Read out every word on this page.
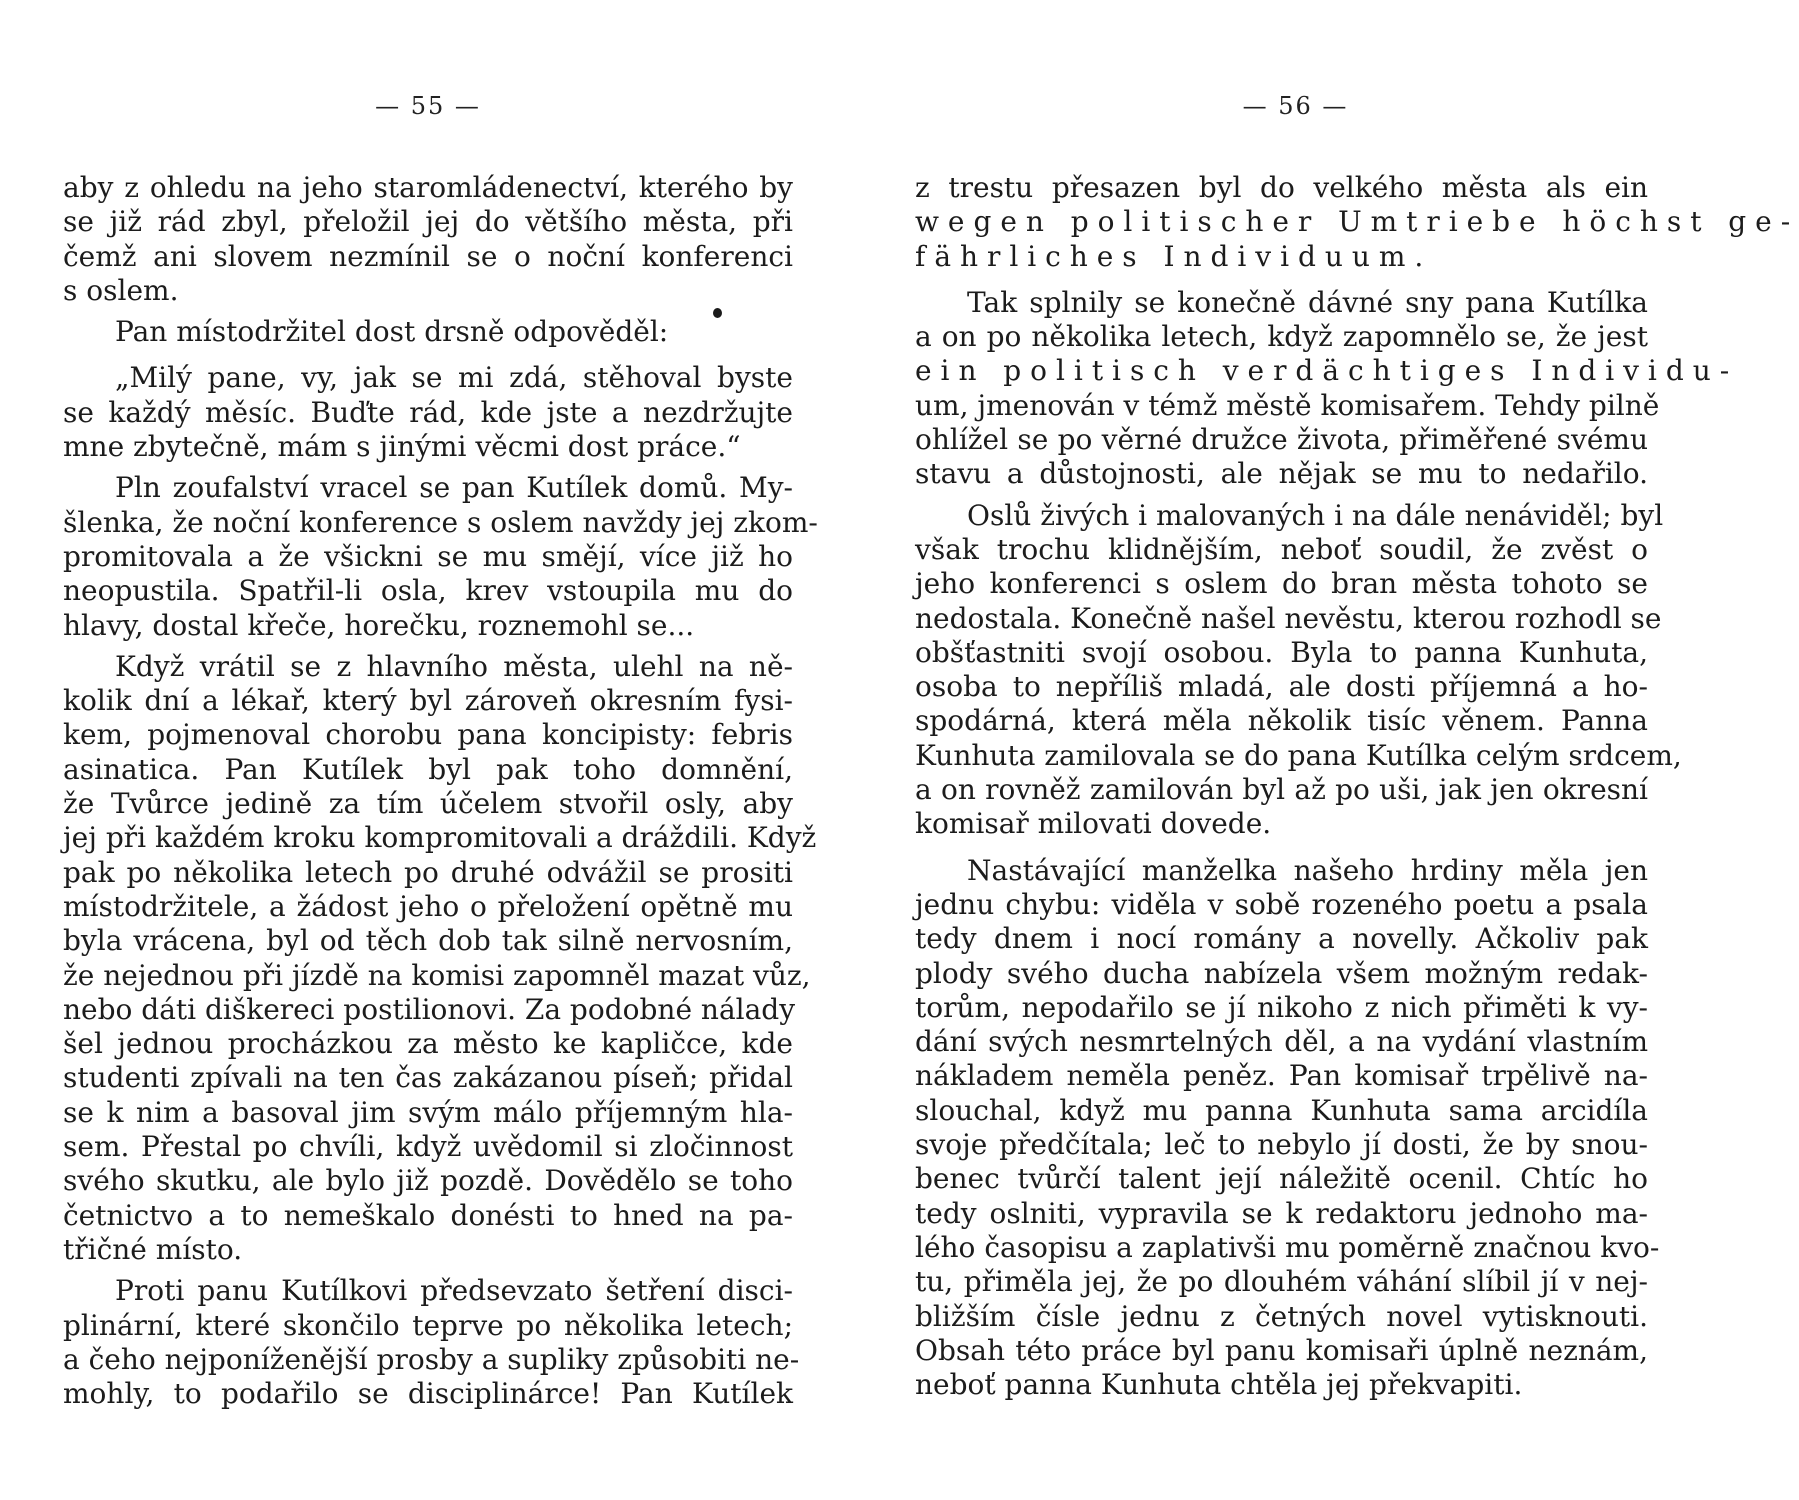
— 55 —
aby z ohledu na jeho staromládenectví, kterého by
se již rád zbyl, přeložil jej do většího města, při
čemž ani slovem nezmínil se o noční konferenci
s oslem.
Pan místodržitel dost drsně odpověděl:
„Milý pane, vy, jak se mi zdá, stěhoval byste
se každý měsíc. Buďte rád, kde jste a nezdržujte
mne zbytečně, mám s jinými věcmi dost práce.“
Pln zoufalství vracel se pan Kutílek domů. My-
šlenka, že noční konference s oslem navždy jej zkom-
promitovala a že všickni se mu smějí, více již ho
neopustila. Spatřil-li osla, krev vstoupila mu do
hlavy, dostal křeče, horečku, roznemohl se...
Když vrátil se z hlavního města, ulehl na ně-
kolik dní a lékař, který byl zároveň okresním fysi-
kem, pojmenoval chorobu pana koncipisty: febris
asinatica. Pan Kutílek byl pak toho domnění,
že Tvůrce jedině za tím účelem stvořil osly, aby
jej při každém kroku kompromitovali a dráždili. Když
pak po několika letech po druhé odvážil se prositi
místodržitele, a žádost jeho o přeložení opětně mu
byla vrácena, byl od těch dob tak silně nervosním,
že nejednou při jízdě na komisi zapomněl mazat vůz,
nebo dáti diškereci postilionovi. Za podobné nálady
šel jednou procházkou za město ke kapličce, kde
studenti zpívali na ten čas zakázanou píseň; přidal
se k nim a basoval jim svým málo příjemným hla-
sem. Přestal po chvíli, když uvědomil si zločinnost
svého skutku, ale bylo již pozdě. Dovědělo se toho
četnictvo a to nemeškalo donésti to hned na pa-
třičné místo.
Proti panu Kutílkovi předsevzato šetření disci-
plinární, které skončilo teprve po několika letech;
a čeho nejponíženější prosby a supliky způsobiti ne-
mohly, to podařilo se disciplinárce! Pan Kutílek
— 56 —
z trestu přesazen byl do velkého města als ein
wegen politischer Umtriebe höchst ge-
fährliches Individuum.
Tak splnily se konečně dávné sny pana Kutílka
a on po několika letech, když zapomnělo se, že jest
ein politisch verdächtiges Individu-
um, jmenován v témž městě komisařem. Tehdy pilně
ohlížel se po věrné družce života, přiměřené svému
stavu a důstojnosti, ale nějak se mu to nedařilo.
Oslů živých i malovaných i na dále nenáviděl; byl
však trochu klidnějším, neboť soudil, že zvěst o
jeho konferenci s oslem do bran města tohoto se
nedostala. Konečně našel nevěstu, kterou rozhodl se
obšťastniti svojí osobou. Byla to panna Kunhuta,
osoba to nepříliš mladá, ale dosti příjemná a ho-
spodárná, která měla několik tisíc věnem. Panna
Kunhuta zamilovala se do pana Kutílka celým srdcem,
a on rovněž zamilován byl až po uši, jak jen okresní
komisař milovati dovede.
Nastávající manželka našeho hrdiny měla jen
jednu chybu: viděla v sobě rozeného poetu a psala
tedy dnem i nocí romány a novelly. Ačkoliv pak
plody svého ducha nabízela všem možným redak-
torům, nepodařilo se jí nikoho z nich přiměti k vy-
dání svých nesmrtelných děl, a na vydání vlastním
nákladem neměla peněz. Pan komisař trpělivě na-
slouchal, když mu panna Kunhuta sama arcidíla
svoje předčítala; leč to nebylo jí dosti, že by snou-
benec tvůrčí talent její náležitě ocenil. Chtíc ho
tedy oslniti, vypravila se k redaktoru jednoho ma-
lého časopisu a zaplativši mu poměrně značnou kvo-
tu, přiměla jej, že po dlouhém váhání slíbil jí v nej-
bližším čísle jednu z četných novel vytisknouti.
Obsah této práce byl panu komisaři úplně neznám,
neboť panna Kunhuta chtěla jej překvapiti.
